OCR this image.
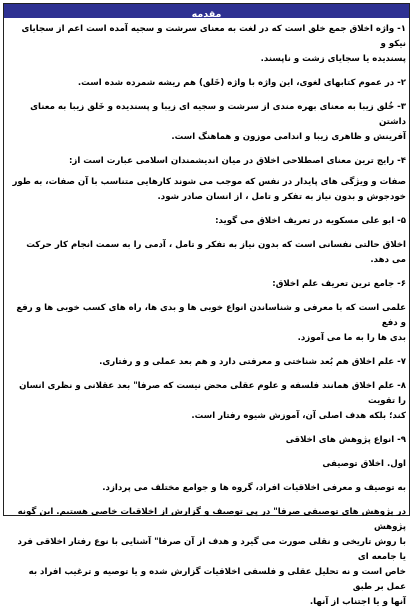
مقدمه

۱- واژه اخلاق جمع خلق است که در لغت به معنای سرشت و سجیه آمده است اعم از سجایای نیکو و

پسندیده یا سجایای زشت و ناپسند.

۲- در عموم کتابهای لغوی، این واژه با واژه (خَلق) هم ریشه شمرده شده است.

۳- خُلق زیبا به معنای بهره مندی از سرشت و سجیه ای زیبا و پسندیده و خَلق زیبا به معنای داشتن

آفرینش و ظاهری زیبا و اندامی موزون و هماهنگ است.

۴- رایج ترین معنای اصطلاحی اخلاق در میان اندیشمندان اسلامی عبارت است از:

صفات و ویژگی های پایدار در نفس که موجب می شوند کارهایی متناسب با آن صفات، به طور

خودجوش و بدون نیاز به تفکر و تامل ، از انسان صادر شود.

۵- ابو علی مسکویه در تعریف اخلاق می گوید:

اخلاق حالتی نفسانی است که بدون نیاز به تفکر و تامل ، آدمی را به سمت انجام کار حرکت می دهد.

۶- جامع ترین تعریف علم اخلاق:

علمی است که با معرفی و شناساندن انواع خوبی ها و بدی ها، راه های کسب خوبی ها و رفع و دفع

بدی ها را به ما می آموزد.

۷- علم اخلاق هم بُعد شناختی و معرفتی دارد و هم بعد عملی و و رفتاری.

۸- علم اخلاق همانند فلسفه و علوم عقلی محض نیست که صرفا" بعد عقلانی و نظری انسان را تقویت

کند؛ بلکه هدف اصلی آن، آموزش شیوه رفتار است.

۹- انواع پژوهش های اخلاقی

اول. اخلاق توصیفی

به توصیف و معرفی اخلاقیات افراد، گروه ها و جوامع مختلف می پردازد.

در پژوهش های توصیفی صرفا" در پی توصیف و گزارش از اخلاقیات خاصی هستیم. این گونه پژوهش

با روش تاریخی و نقلی صورت می گیرد و هدف از آن صرفا" آشنایی با نوع رفتار اخلاقی فرد یا جامعه ای

خاص است و نه تحلیل عقلی و فلسفی اخلاقیات گزارش شده و یا توصیه و ترغیب افراد به عمل بر طبق

آنها و یا اجتناب از آنها.
